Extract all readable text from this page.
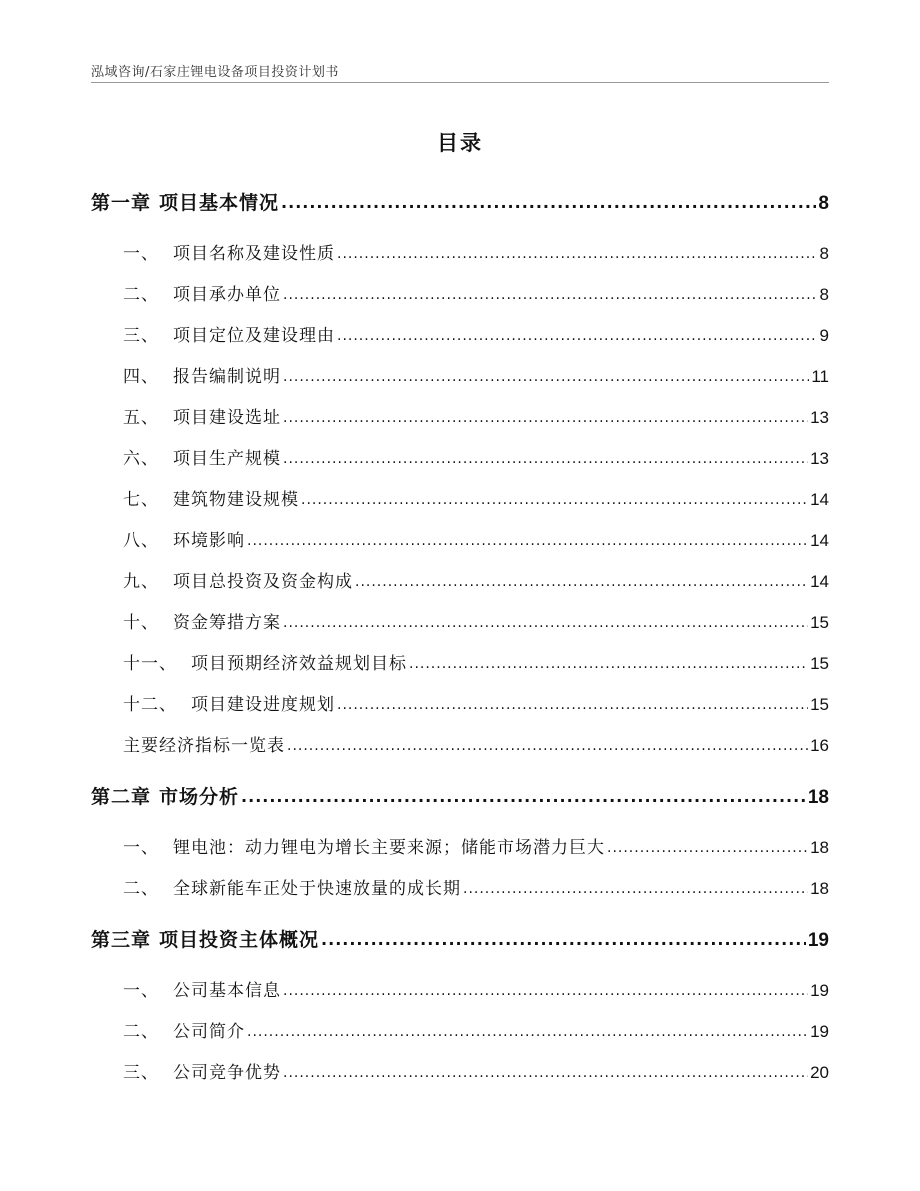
泓域咨询/石家庄锂电设备项目投资计划书
目录
第一章 项目基本情况 .....	8
一、 项目名称及建设性质 .....	8
二、 项目承办单位 .....	8
三、 项目定位及建设理由 .....	9
四、 报告编制说明 .....	11
五、 项目建设选址 .....	13
六、 项目生产规模 .....	13
七、 建筑物建设规模 .....	14
八、 环境影响 .....	14
九、 项目总投资及资金构成 .....	14
十、 资金筹措方案 .....	15
十一、 项目预期经济效益规划目标 .....	15
十二、 项目建设进度规划 .....	15
主要经济指标一览表 .....	16
第二章 市场分析 .....	18
一、 锂电池：动力锂电为增长主要来源；储能市场潜力巨大 .....	18
二、 全球新能车正处于快速放量的成长期 .....	18
第三章 项目投资主体概况 .....	19
一、 公司基本信息 .....	19
二、 公司简介 .....	19
三、 公司竞争优势 .....	20
